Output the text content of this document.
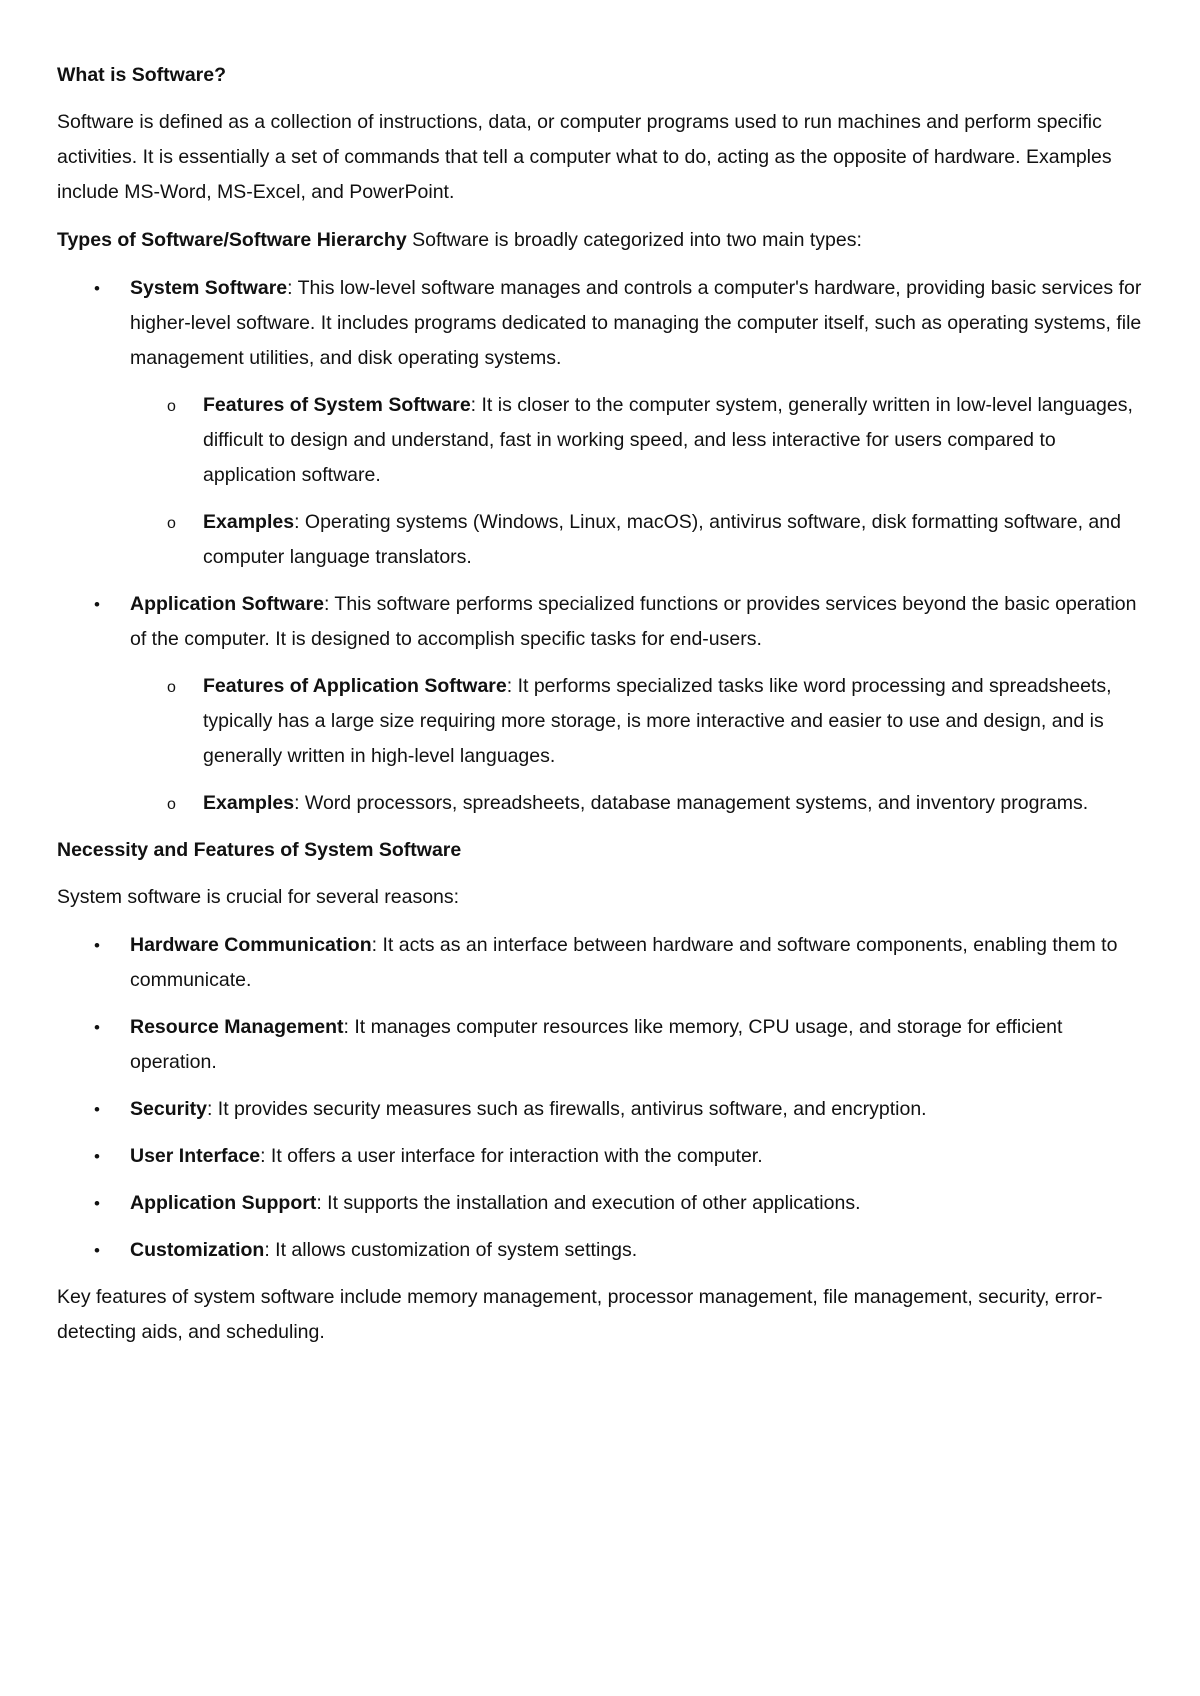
What is Software?

Software is defined as a collection of instructions, data, or computer programs used to run machines and perform specific activities. It is essentially a set of commands that tell a computer what to do, acting as the opposite of hardware. Examples include MS-Word, MS-Excel, and PowerPoint.

Types of Software/Software Hierarchy Software is broadly categorized into two main types:

• System Software: This low-level software manages and controls a computer's hardware, providing basic services for higher-level software. It includes programs dedicated to managing the computer itself, such as operating systems, file management utilities, and disk operating systems.
o Features of System Software: It is closer to the computer system, generally written in low-level languages, difficult to design and understand, fast in working speed, and less interactive for users compared to application software.
o Examples: Operating systems (Windows, Linux, macOS), antivirus software, disk formatting software, and computer language translators.
• Application Software: This software performs specialized functions or provides services beyond the basic operation of the computer. It is designed to accomplish specific tasks for end-users.
o Features of Application Software: It performs specialized tasks like word processing and spreadsheets, typically has a large size requiring more storage, is more interactive and easier to use and design, and is generally written in high-level languages.
o Examples: Word processors, spreadsheets, database management systems, and inventory programs.

Necessity and Features of System Software

System software is crucial for several reasons:

• Hardware Communication: It acts as an interface between hardware and software components, enabling them to communicate.
• Resource Management: It manages computer resources like memory, CPU usage, and storage for efficient operation.
• Security: It provides security measures such as firewalls, antivirus software, and encryption.
• User Interface: It offers a user interface for interaction with the computer.
• Application Support: It supports the installation and execution of other applications.
• Customization: It allows customization of system settings.

Key features of system software include memory management, processor management, file management, security, error-detecting aids, and scheduling.
